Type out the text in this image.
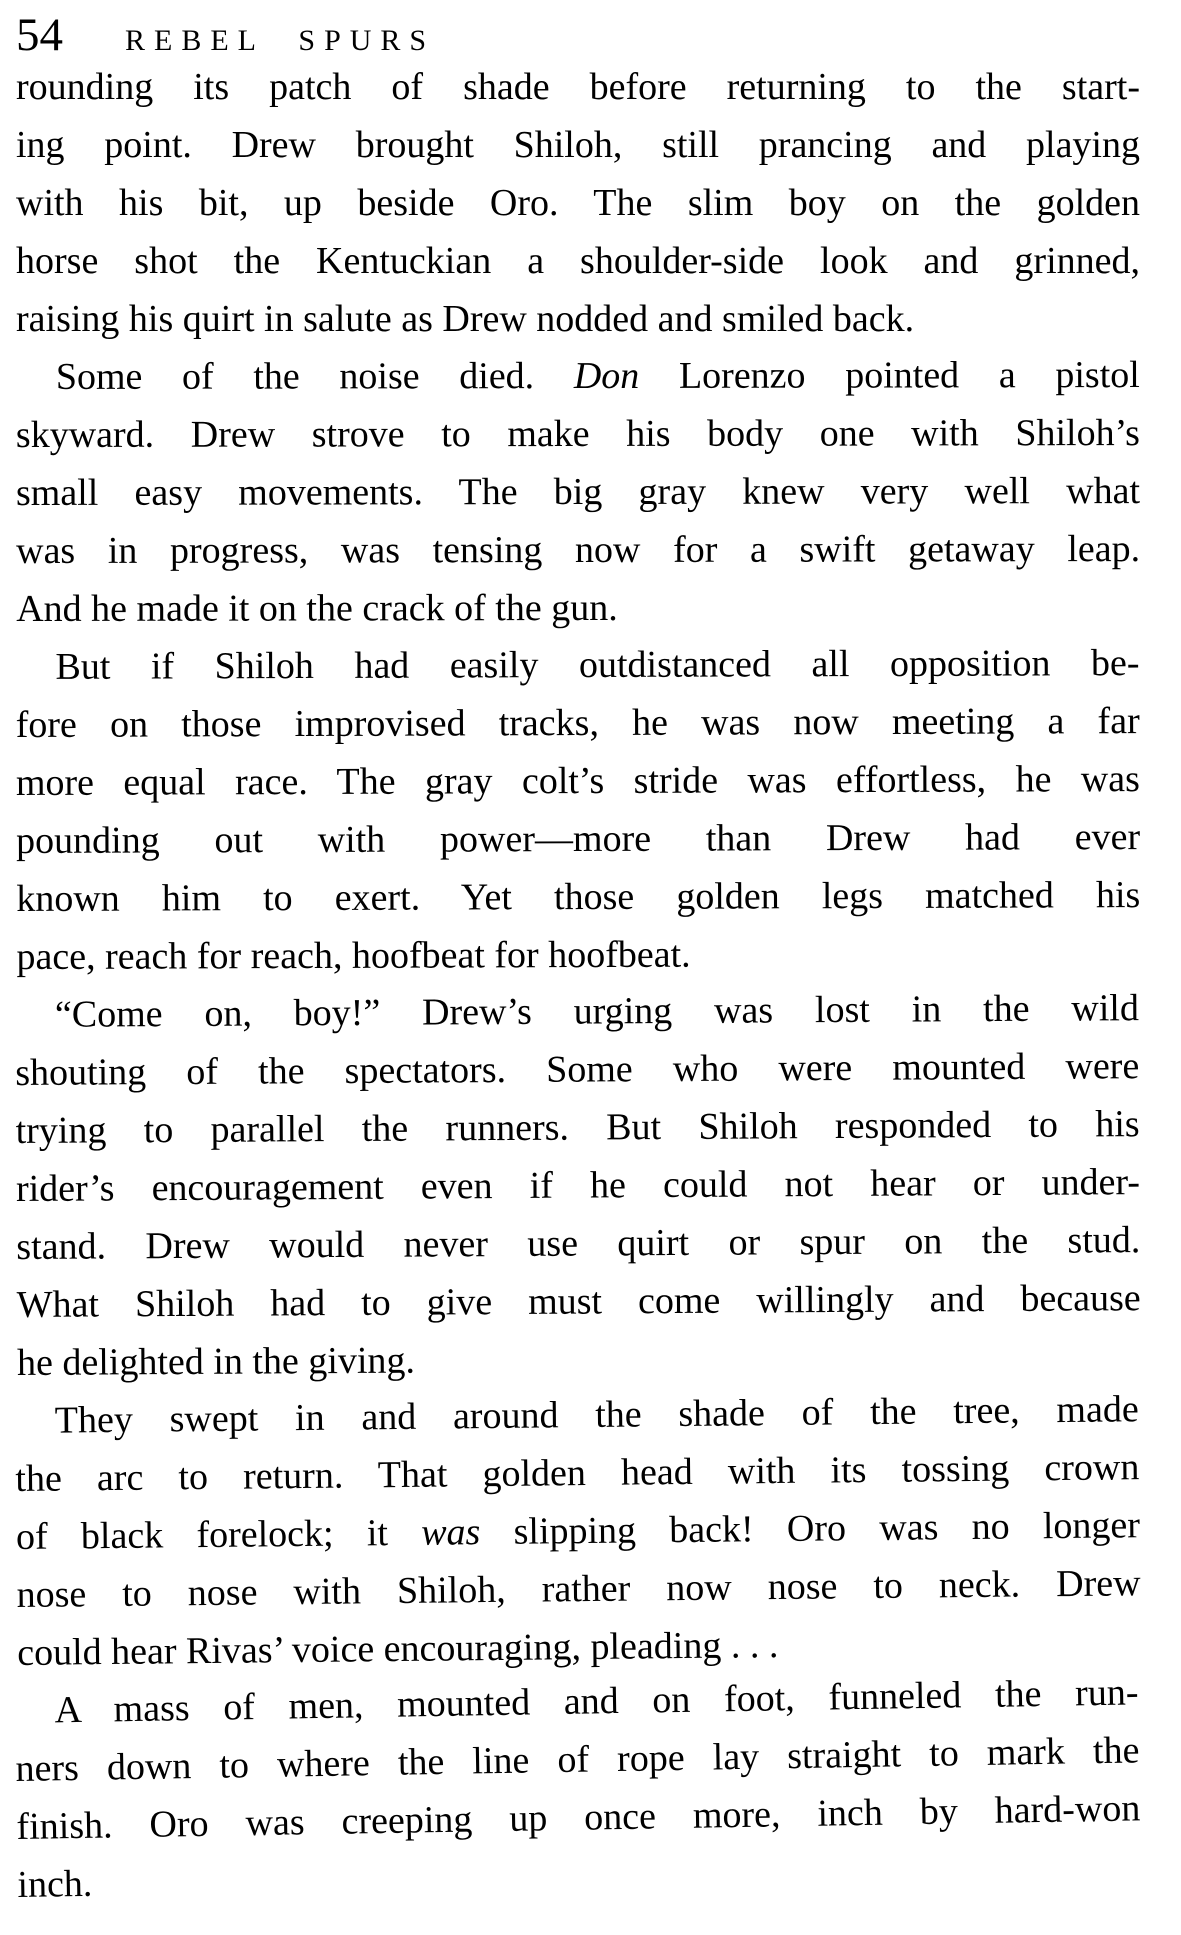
54 REBEL SPURS
rounding its patch of shade before returning to the start-
ing point. Drew brought Shiloh, still prancing and playing
with his bit, up beside Oro. The slim boy on the golden
horse shot the Kentuckian a shoulder-side look and grinned,
raising his quirt in salute as Drew nodded and smiled back.
Some of the noise died. Don Lorenzo pointed a pistol
skyward. Drew strove to make his body one with Shiloh’s
small easy movements. The big gray knew very well what
was in progress, was tensing now for a swift getaway leap.
And he made it on the crack of the gun.
But if Shiloh had easily outdistanced all opposition be-
fore on those improvised tracks, he was now meeting a far
more equal race. The gray colt’s stride was effortless, he was
pounding out with power—more than Drew had ever
known him to exert. Yet those golden legs matched his
pace, reach for reach, hoofbeat for hoofbeat.
“Come on, boy!” Drew’s urging was lost in the wild
shouting of the spectators. Some who were mounted were
trying to parallel the runners. But Shiloh responded to his
rider’s encouragement even if he could not hear or under-
stand. Drew would never use quirt or spur on the stud.
What Shiloh had to give must come willingly and because
he delighted in the giving.
They swept in and around the shade of the tree, made
the arc to return. That golden head with its tossing crown
of black forelock; it was slipping back! Oro was no longer
nose to nose with Shiloh, rather now nose to neck. Drew
could hear Rivas’ voice encouraging, pleading . . .
A mass of men, mounted and on foot, funneled the run-
ners down to where the line of rope lay straight to mark the
finish. Oro was creeping up once more, inch by hard-won
inch.
